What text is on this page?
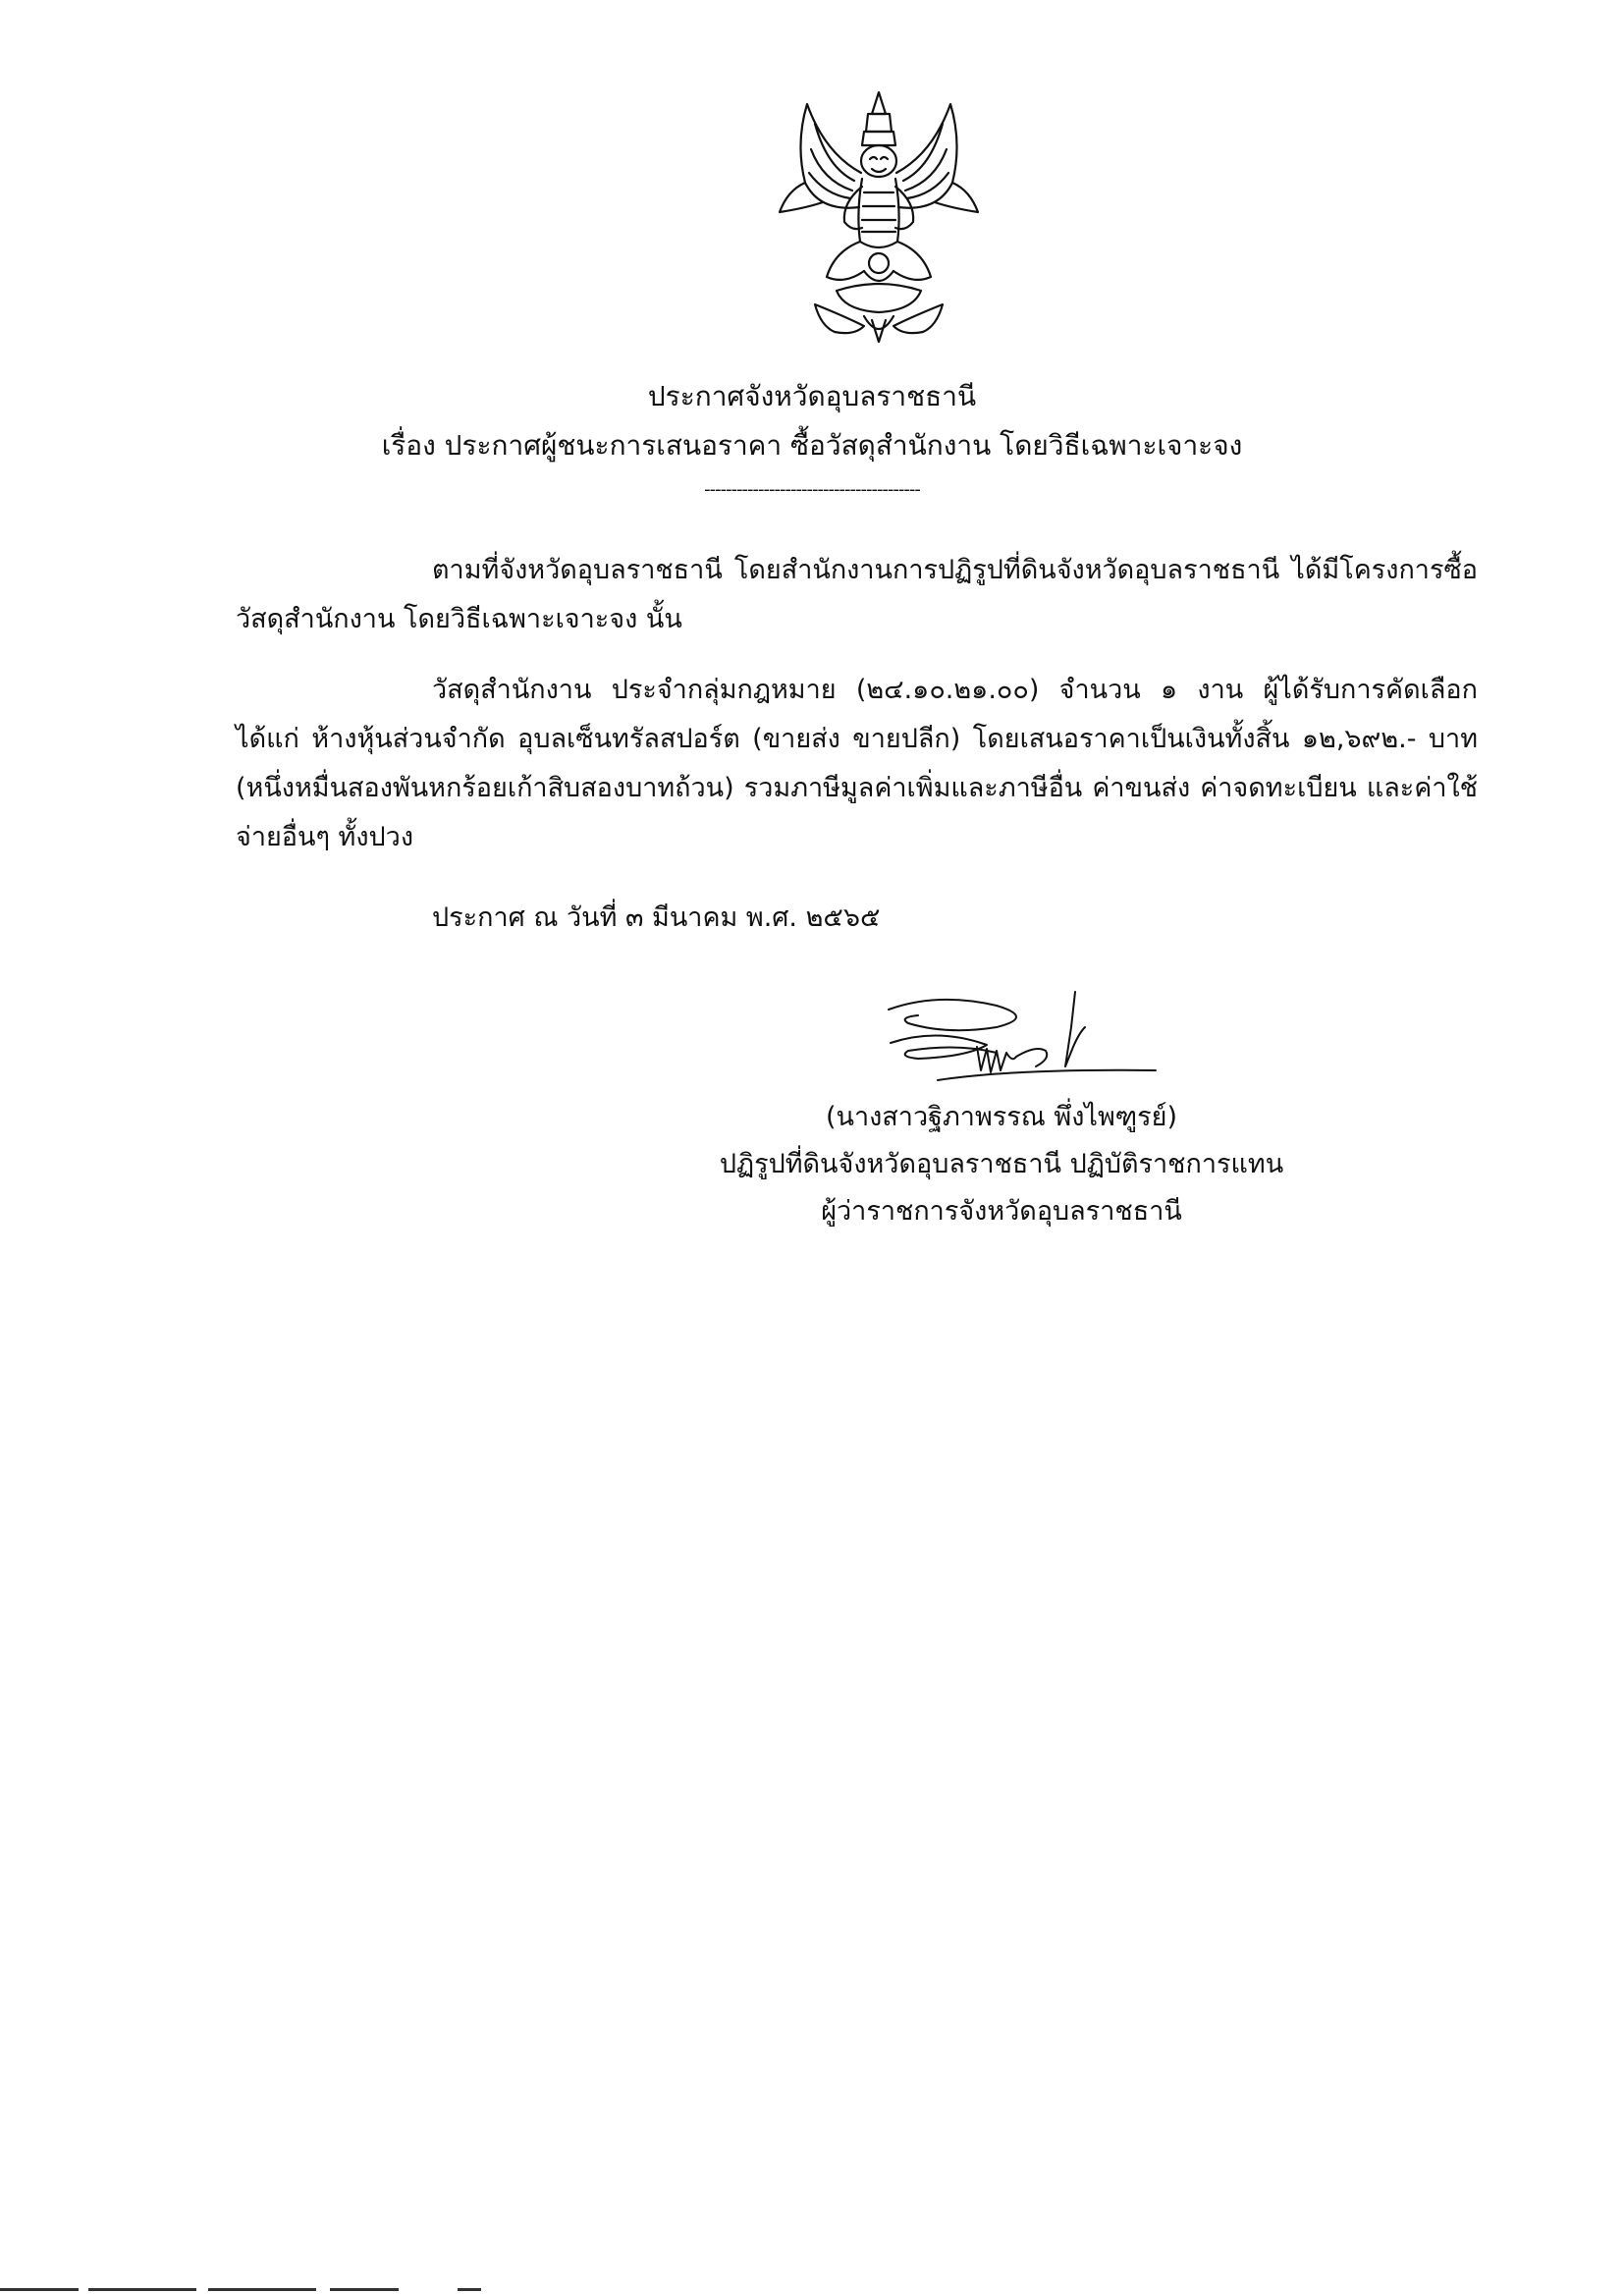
ประกาศจังหวัดอุบลราชธานี
เรื่อง ประกาศผู้ชนะการเสนอราคา ซื้อวัสดุสำนักงาน โดยวิธีเฉพาะเจาะจง
----------------------------------------
ตามที่จังหวัดอุบลราชธานี โดยสำนักงานการปฏิรูปที่ดินจังหวัดอุบลราชธานี ได้มีโครงการซื้อวัสดุสำนักงาน โดยวิธีเฉพาะเจาะจง นั้น
วัสดุสำนักงาน ประจำกลุ่มกฎหมาย (๒๔.๑๐.๒๑.๐๐) จำนวน ๑ งาน ผู้ได้รับการคัดเลือก ได้แก่ ห้างหุ้นส่วนจำกัด อุบลเซ็นทรัลสปอร์ต (ขายส่ง ขายปลีก) โดยเสนอราคาเป็นเงินทั้งสิ้น ๑๒,๖๙๒.- บาท (หนึ่งหมื่นสองพันหกร้อยเก้าสิบสองบาทถ้วน) รวมภาษีมูลค่าเพิ่มและภาษีอื่น ค่าขนส่ง ค่าจดทะเบียน และค่าใช้จ่ายอื่นๆ ทั้งปวง
ประกาศ ณ วันที่ ๓ มีนาคม พ.ศ. ๒๕๖๕
(นางสาวฐิภาพรรณ พึ่งไพฑูรย์)
ปฏิรูปที่ดินจังหวัดอุบลราชธานี ปฏิบัติราชการแทน
ผู้ว่าราชการจังหวัดอุบลราชธานี
